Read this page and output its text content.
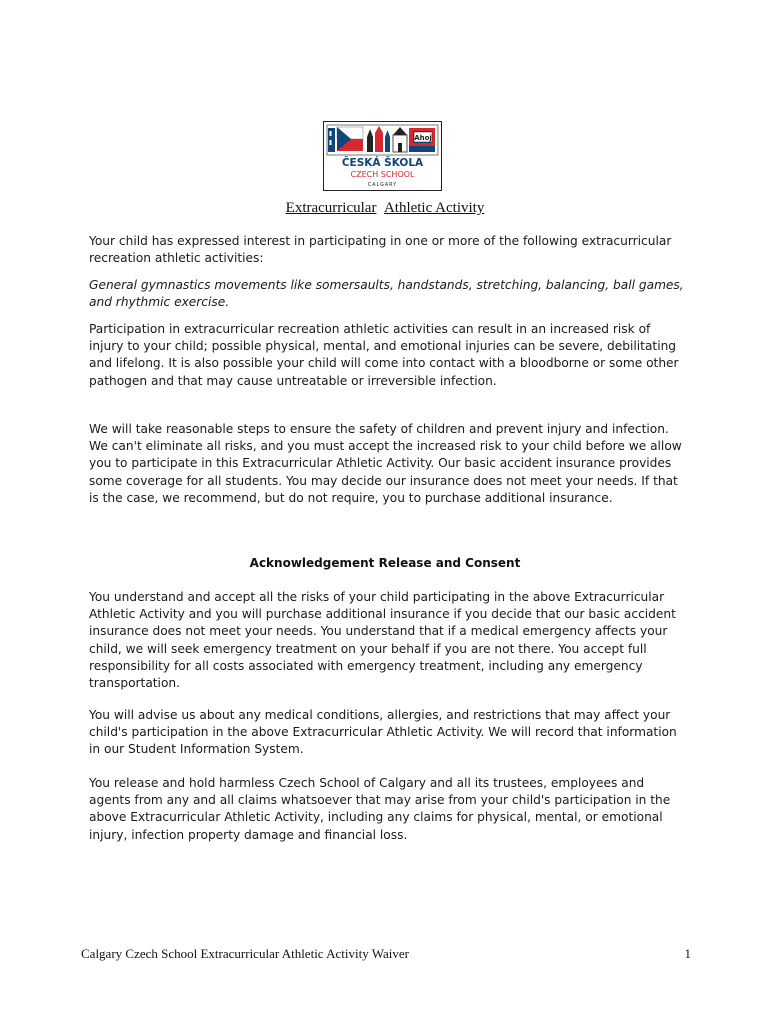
Ahoj
ČESKÁ ŠKOLA
CZECH SCHOOL
CALGARY
Extracurricular Athletic Activity

Your child has expressed interest in participating in one or more of the following extracurricular recreation athletic activities:

General gymnastics movements like somersaults, handstands, stretching, balancing, ball games, and rhythmic exercise.

Participation in extracurricular recreation athletic activities can result in an increased risk of injury to your child; possible physical, mental, and emotional injuries can be severe, debilitating and lifelong. It is also possible your child will come into contact with a bloodborne or some other pathogen and that may cause untreatable or irreversible infection.

We will take reasonable steps to ensure the safety of children and prevent injury and infection. We can't eliminate all risks, and you must accept the increased risk to your child before we allow you to participate in this Extracurricular Athletic Activity. Our basic accident insurance provides some coverage for all students. You may decide our insurance does not meet your needs. If that is the case, we recommend, but do not require, you to purchase additional insurance.

Acknowledgement Release and Consent

You understand and accept all the risks of your child participating in the above Extracurricular Athletic Activity and you will purchase additional insurance if you decide that our basic accident insurance does not meet your needs. You understand that if a medical emergency affects your child, we will seek emergency treatment on your behalf if you are not there. You accept full responsibility for all costs associated with emergency treatment, including any emergency transportation.

You will advise us about any medical conditions, allergies, and restrictions that may affect your child's participation in the above Extracurricular Athletic Activity. We will record that information in our Student Information System.

You release and hold harmless Czech School of Calgary and all its trustees, employees and agents from any and all claims whatsoever that may arise from your child's participation in the above Extracurricular Athletic Activity, including any claims for physical, mental, or emotional injury, infection property damage and financial loss.

Calgary Czech School Extracurricular Athletic Activity Waiver	1
